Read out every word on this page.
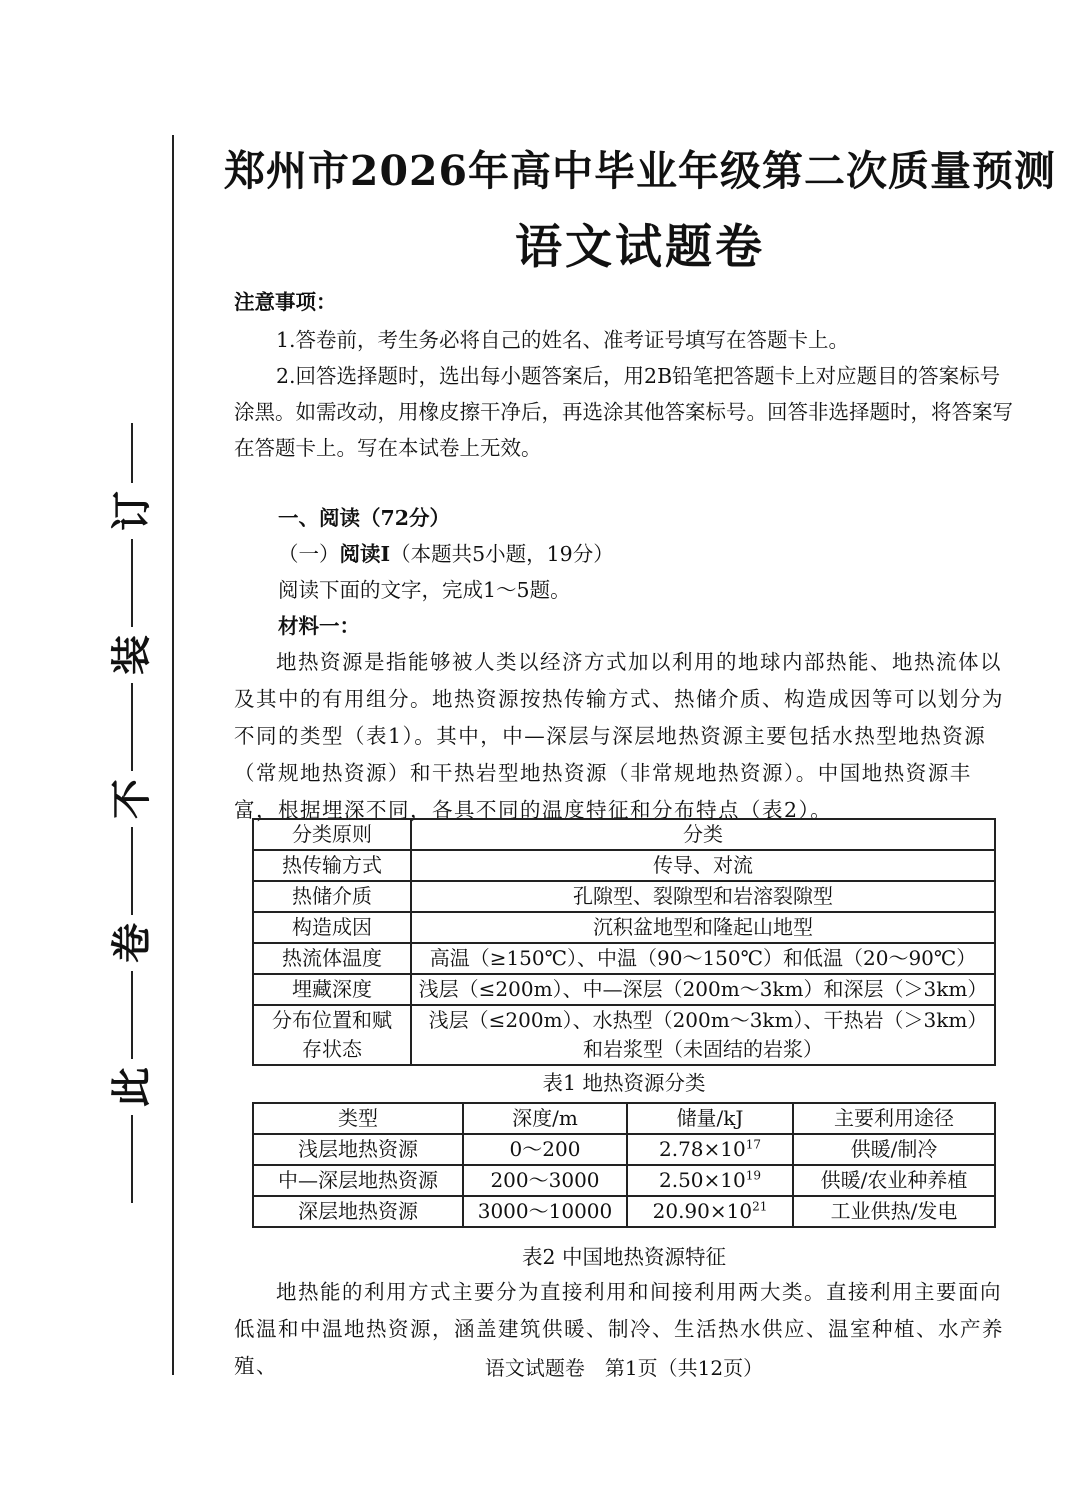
订
装
不
卷
此
郑州市2026年高中毕业年级第二次质量预测
语文试题卷
注意事项：
1.答卷前，考生务必将自己的姓名、准考证号填写在答题卡上。
2.回答选择题时，选出每小题答案后，用2B铅笔把答题卡上对应题目的答案标号涂黑。如需改动，用橡皮擦干净后，再选涂其他答案标号。回答非选择题时，将答案写在答题卡上。写在本试卷上无效。
一、阅读（72分）
（一）阅读Ⅰ（本题共5小题，19分）
阅读下面的文字，完成1～5题。
材料一：
地热资源是指能够被人类以经济方式加以利用的地球内部热能、地热流体以及其中的有用组分。地热资源按热传输方式、热储介质、构造成因等可以划分为不同的类型（表1）。其中，中—深层与深层地热资源主要包括水热型地热资源（常规地热资源）和干热岩型地热资源（非常规地热资源）。中国地热资源丰富，根据埋深不同，各具不同的温度特征和分布特点（表2）。
分类原则	分类
热传输方式	传导、对流
热储介质	孔隙型、裂隙型和岩溶裂隙型
构造成因	沉积盆地型和隆起山地型
热流体温度	高温（≥150℃）、中温（90～150℃）和低温（20～90℃）
埋藏深度	浅层（≤200m）、中—深层（200m～3km）和深层（＞3km）
分布位置和赋存状态	浅层（≤200m）、水热型（200m～3km）、干热岩（＞3km）和岩浆型（未固结的岩浆）
表1 地热资源分类
类型	深度/m	储量/kJ	主要利用途径
浅层地热资源	0～200	$2.78\times 10^{17}$	供暖/制冷
中—深层地热资源	200～3000	$2.50\times 10^{19}$	供暖/农业种养植
深层地热资源	3000～10000	$20.90\times 10^{21}$	工业供热/发电
表2 中国地热资源特征
地热能的利用方式主要分为直接利用和间接利用两大类。直接利用主要面向低温和中温地热资源，涵盖建筑供暖、制冷、生活热水供应、温室种植、水产养殖、	语文试题卷　第1页（共12页）
